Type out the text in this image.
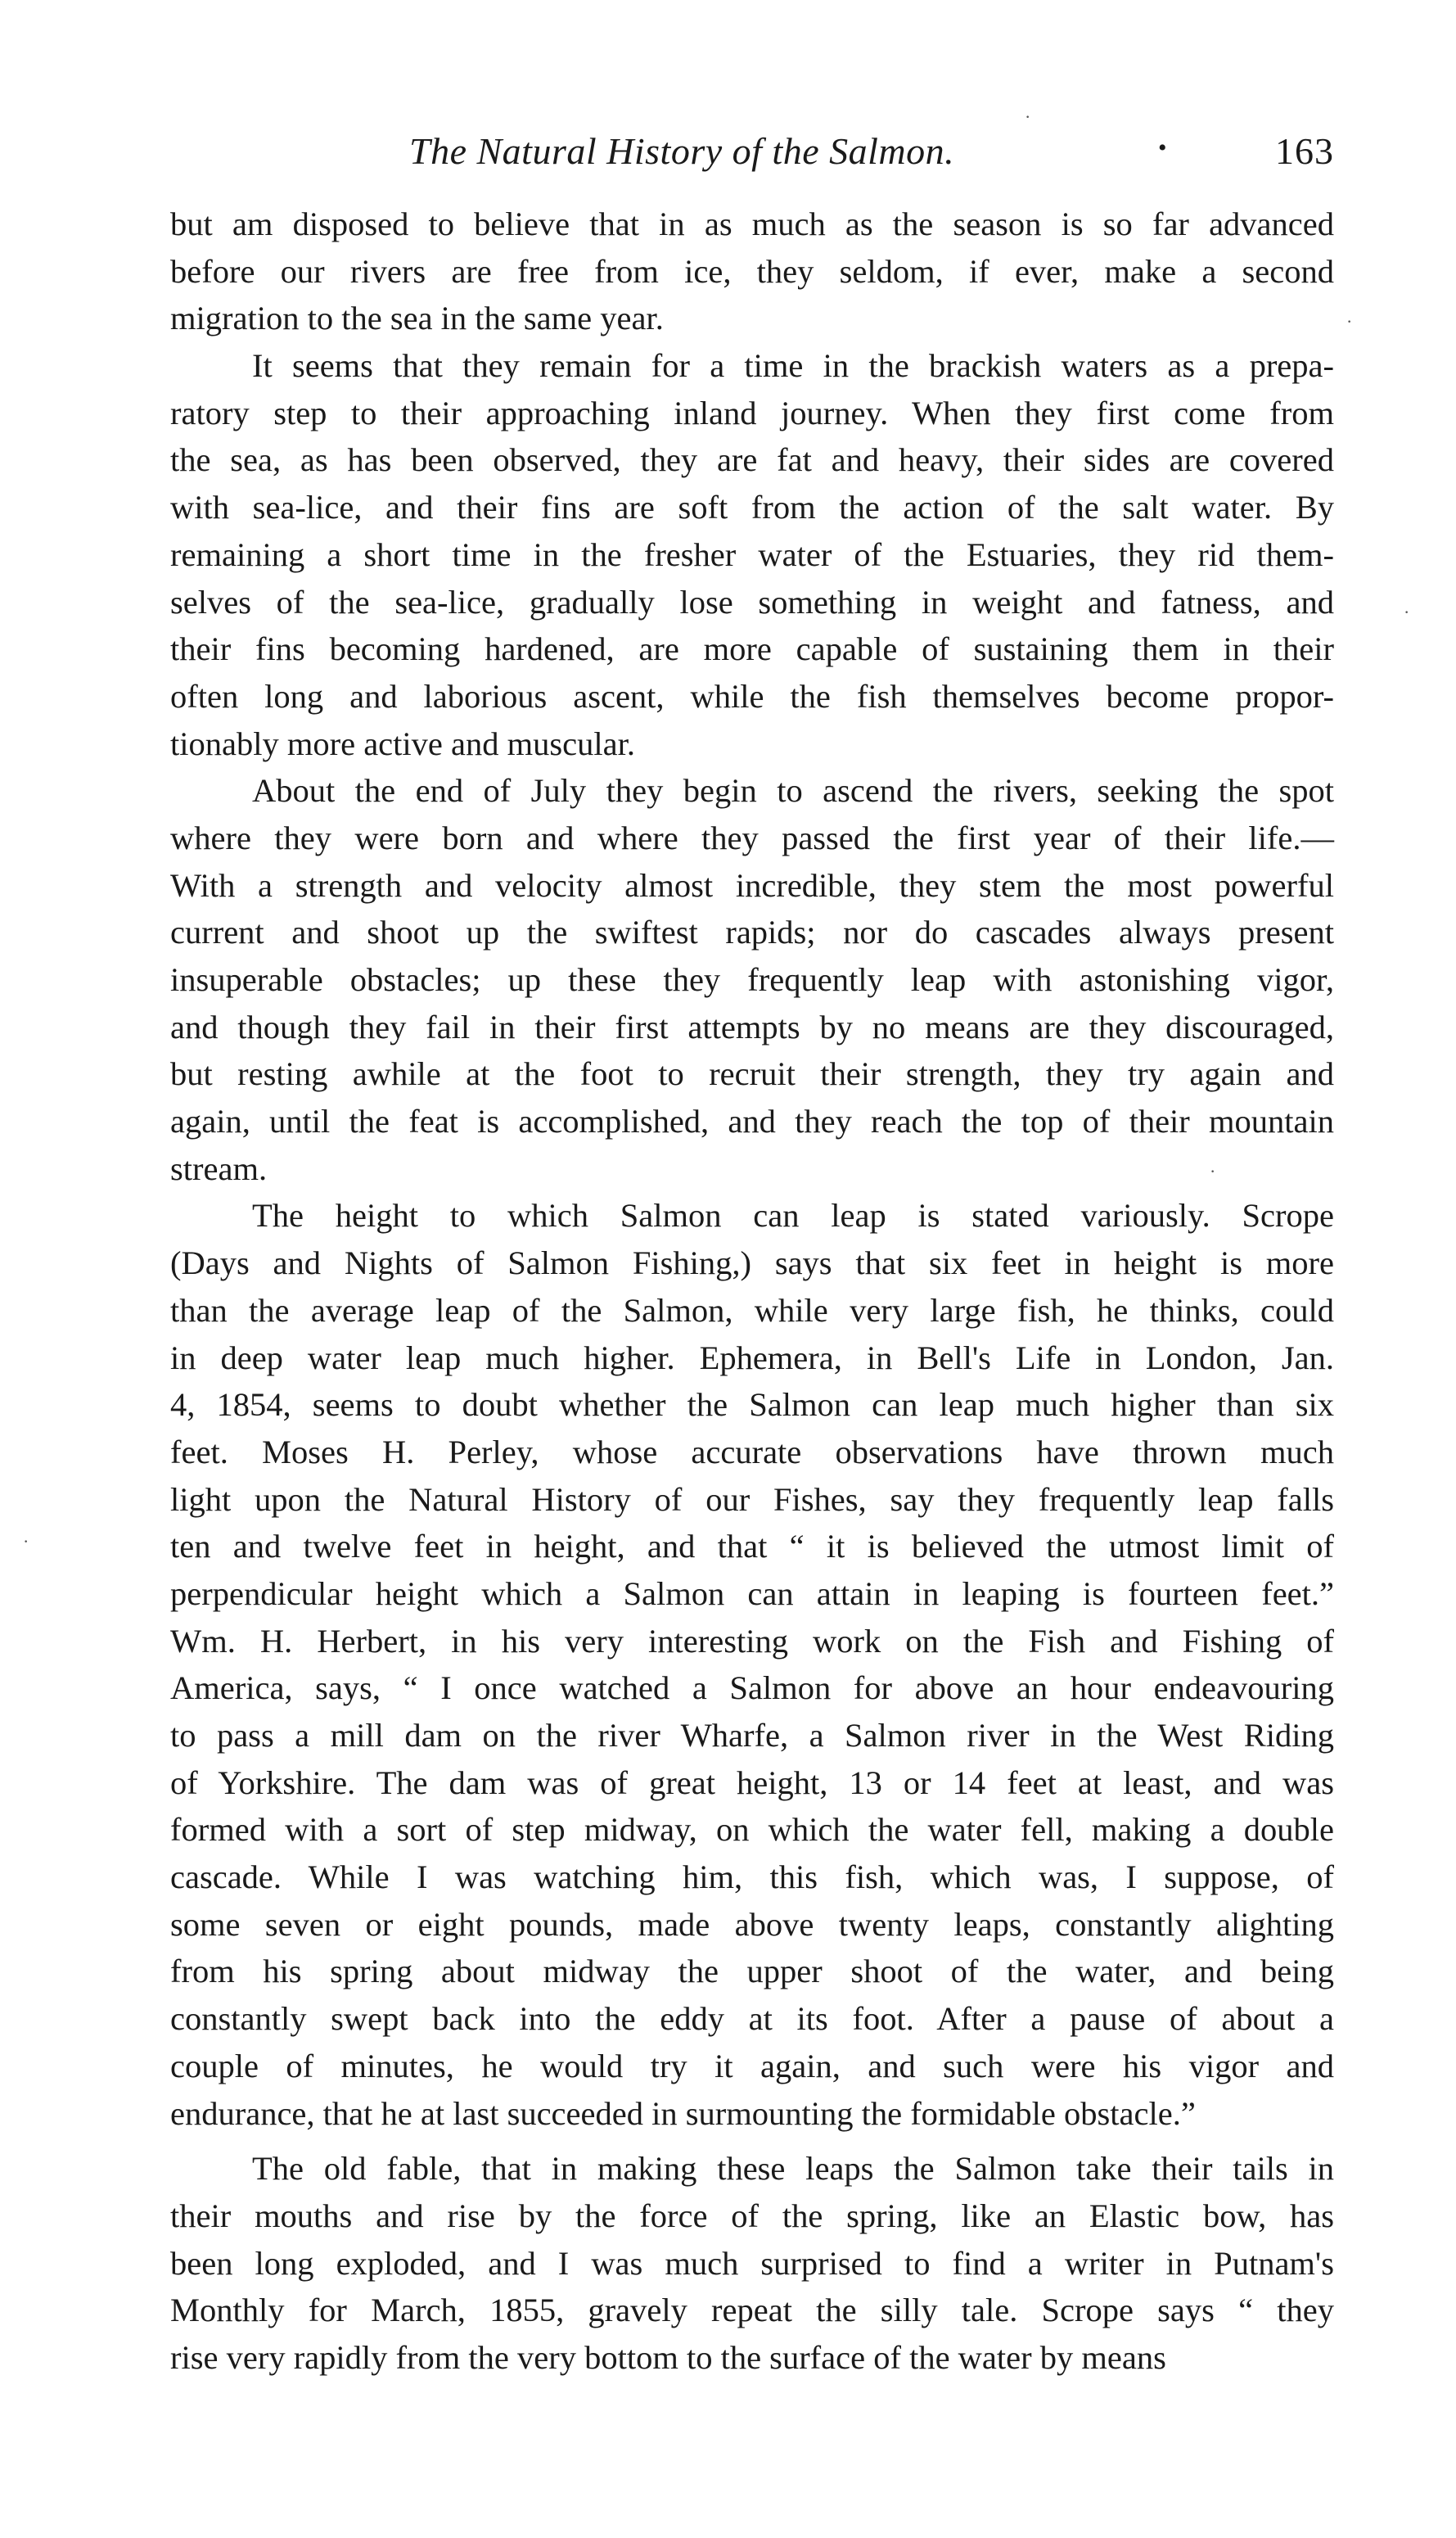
The Natural History of the Salmon.	•	163
but am disposed to believe that in as much as the season is so far advanced
before our rivers are free from ice, they seldom, if ever, make a second
migration to the sea in the same year.
It seems that they remain for a time in the brackish waters as a prepa-
ratory step to their approaching inland journey. When they first come from
the sea, as has been observed, they are fat and heavy, their sides are covered
with sea-lice, and their fins are soft from the action of the salt water. By
remaining a short time in the fresher water of the Estuaries, they rid them-
selves of the sea-lice, gradually lose something in weight and fatness, and
their fins becoming hardened, are more capable of sustaining them in their
often long and laborious ascent, while the fish themselves become propor-
tionably more active and muscular.
About the end of July they begin to ascend the rivers, seeking the spot
where they were born and where they passed the first year of their life.—
With a strength and velocity almost incredible, they stem the most powerful
current and shoot up the swiftest rapids; nor do cascades always present
insuperable obstacles; up these they frequently leap with astonishing vigor,
and though they fail in their first attempts by no means are they discouraged,
but resting awhile at the foot to recruit their strength, they try again and
again, until the feat is accomplished, and they reach the top of their mountain
stream.
The height to which Salmon can leap is stated variously. Scrope
(Days and Nights of Salmon Fishing,) says that six feet in height is more
than the average leap of the Salmon, while very large fish, he thinks, could
in deep water leap much higher. Ephemera, in Bell's Life in London, Jan.
4, 1854, seems to doubt whether the Salmon can leap much higher than six
feet. Moses H. Perley, whose accurate observations have thrown much
light upon the Natural History of our Fishes, say they frequently leap falls
ten and twelve feet in height, and that “ it is believed the utmost limit of
perpendicular height which a Salmon can attain in leaping is fourteen feet.”
Wm. H. Herbert, in his very interesting work on the Fish and Fishing of
America, says, “ I once watched a Salmon for above an hour endeavouring
to pass a mill dam on the river Wharfe, a Salmon river in the West Riding
of Yorkshire. The dam was of great height, 13 or 14 feet at least, and was
formed with a sort of step midway, on which the water fell, making a double
cascade. While I was watching him, this fish, which was, I suppose, of
some seven or eight pounds, made above twenty leaps, constantly alighting
from his spring about midway the upper shoot of the water, and being
constantly swept back into the eddy at its foot. After a pause of about a
couple of minutes, he would try it again, and such were his vigor and
endurance, that he at last succeeded in surmounting the formidable obstacle.”
The old fable, that in making these leaps the Salmon take their tails in
their mouths and rise by the force of the spring, like an Elastic bow, has
been long exploded, and I was much surprised to find a writer in Putnam's
Monthly for March, 1855, gravely repeat the silly tale. Scrope says “ they
rise very rapidly from the very bottom to the surface of the water by means
·
·
·
·
·
